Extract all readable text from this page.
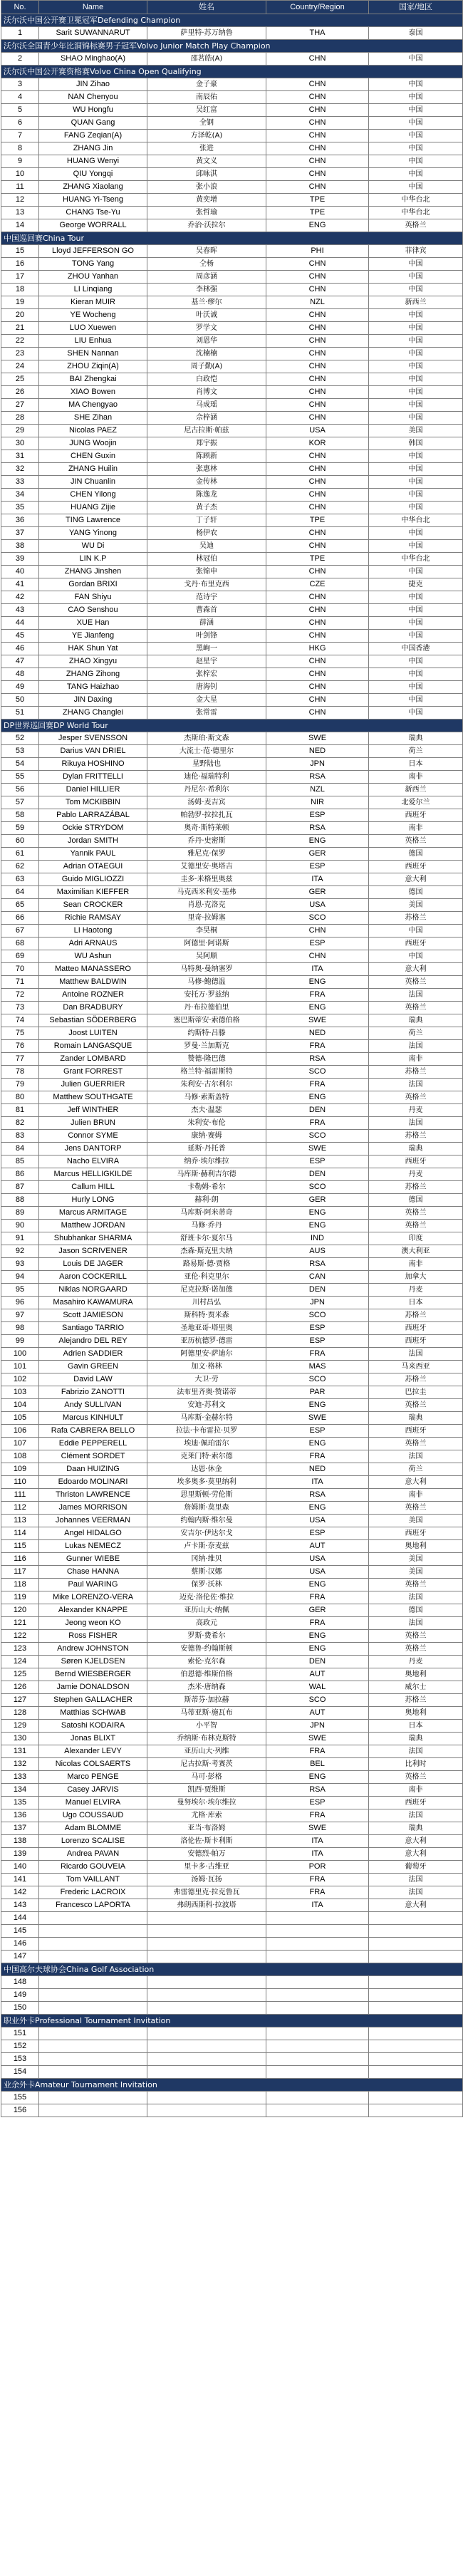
No.	Name	姓名	Country/Region	国家/地区
沃尔沃中国公开赛卫冕冠军Defending Champion				
1	Sarit SUWANNARUT	萨里特·苏万纳鲁	THA	泰国
沃尔沃全国青少年比洞锦标赛男子冠军Volvo Junior Match Play Champion				
2	SHAO Minghao(A)	邵茗皓(A)	CHN	中国
沃尔沃中国公开赛资格赛Volvo China Open Qualifying				
3	JIN Zihao	金子豪	CHN	中国
4	NAN Chenyou	南辰佑	CHN	中国
5	WU Hongfu	吴红富	CHN	中国
6	QUAN Gang	全钢	CHN	中国
7	FANG Zeqian(A)	方泽乾(A)	CHN	中国
8	ZHANG Jin	张进	CHN	中国
9	HUANG Wenyi	黄文义	CHN	中国
10	QIU Yongqi	邱咏淇	CHN	中国
11	ZHANG Xiaolang	张小浪	CHN	中国
12	HUANG Yi-Tseng	黄奕增	TPE	中华台北
13	CHANG Tse-Yu	张哲瑜	TPE	中华台北
14	George WORRALL	乔治·沃拉尔	ENG	英格兰
中国巡回赛China Tour				
15	Lloyd JEFFERSON GO	吴春晖	PHI	菲律宾
16	TONG Yang	仝杨	CHN	中国
17	ZHOU Yanhan	周彦涵	CHN	中国
18	LI Linqiang	李林强	CHN	中国
19	Kieran MUIR	基兰·缪尔	NZL	新西兰
20	YE Wocheng	叶沃诚	CHN	中国
21	LUO Xuewen	罗学文	CHN	中国
22	LIU Enhua	刘恩华	CHN	中国
23	SHEN Nannan	沈楠楠	CHN	中国
24	ZHOU Ziqin(A)	周子勤(A)	CHN	中国
25	BAI Zhengkai	白政恺	CHN	中国
26	XIAO Bowen	肖博文	CHN	中国
27	MA Chengyao	马成瑶	CHN	中国
28	SHE Zihan	佘梓涵	CHN	中国
29	Nicolas PAEZ	尼古拉斯·帕兹	USA	美国
30	JUNG Woojin	郑宇振	KOR	韩国
31	CHEN Guxin	陈顾新	CHN	中国
32	ZHANG Huilin	张惠林	CHN	中国
33	JIN Chuanlin	金传林	CHN	中国
34	CHEN Yilong	陈逸龙	CHN	中国
35	HUANG Zijie	黄子杰	CHN	中国
36	TING Lawrence	丁子轩	TPE	中华台北
37	YANG Yinong	杨伊农	CHN	中国
38	WU Di	吴迪	CHN	中国
39	LIN K.P	林冠伯	TPE	中华台北
40	ZHANG Jinshen	张锦申	CHN	中国
41	Gordan BRIXI	戈丹·布里克西	CZE	捷克
42	FAN Shiyu	范诗宇	CHN	中国
43	CAO Senshou	曹森首	CHN	中国
44	XUE Han	薛涵	CHN	中国
45	YE Jianfeng	叶剑锋	CHN	中国
46	HAK Shun Yat	黑峋一	HKG	中国香港
47	ZHAO Xingyu	赵星宇	CHN	中国
48	ZHANG Zihong	张梓宏	CHN	中国
49	TANG Haizhao	唐海钊	CHN	中国
50	JIN Daxing	金大星	CHN	中国
51	ZHANG Changlei	张常雷	CHN	中国
DP世界巡回赛DP World Tour				
52	Jesper SVENSSON	杰斯珀·斯文森	SWE	瑞典
53	Darius VAN DRIEL	大流士·范·德里尔	NED	荷兰
54	Rikuya HOSHINO	星野陆也	JPN	日本
55	Dylan FRITTELLI	迪伦·福瑞特利	RSA	南非
56	Daniel HILLIER	丹尼尔·希利尔	NZL	新西兰
57	Tom MCKIBBIN	汤姆·麦吉宾	NIR	北爱尔兰
58	Pablo LARRAZÁBAL	帕勃罗·拉拉扎瓦	ESP	西班牙
59	Ockie STRYDOM	奥奇·斯特莱顿	RSA	南非
60	Jordan SMITH	乔丹·史密斯	ENG	英格兰
61	Yannik PAUL	雅尼克·保罗	GER	德国
62	Adrian OTAEGUI	艾德里安·奥塔吉	ESP	西班牙
63	Guido MIGLIOZZI	圭多·米格里奥兹	ITA	意大利
64	Maximilian KIEFFER	马克西米利安·基弗	GER	德国
65	Sean CROCKER	肖恩·克洛克	USA	美国
66	Richie RAMSAY	里奇·拉姆塞	SCO	苏格兰
67	LI Haotong	李昊桐	CHN	中国
68	Adri ARNAUS	阿德里·阿诺斯	ESP	西班牙
69	WU Ashun	吴阿顺	CHN	中国
70	Matteo MANASSERO	马特奥·曼纳塞罗	ITA	意大利
71	Matthew BALDWIN	马修·鲍德温	ENG	英格兰
72	Antoine ROZNER	安托万·罗兹纳	FRA	法国
73	Dan BRADBURY	丹·布拉德伯里	ENG	英格兰
74	Sebastian SÖDERBERG	塞巴斯蒂安·索德伯格	SWE	瑞典
75	Joost LUITEN	约斯特·吕滕	NED	荷兰
76	Romain LANGASQUE	罗曼·兰加斯克	FRA	法国
77	Zander LOMBARD	赞德·隆巴德	RSA	南非
78	Grant FORREST	格兰特·福雷斯特	SCO	苏格兰
79	Julien GUERRIER	朱利安·古尔利尔	FRA	法国
80	Matthew SOUTHGATE	马修·索斯盖特	ENG	英格兰
81	Jeff WINTHER	杰夫·温瑟	DEN	丹麦
82	Julien BRUN	朱利安·布伦	FRA	法国
83	Connor SYME	康纳·赛姆	SCO	苏格兰
84	Jens DANTORP	延斯·丹托普	SWE	瑞典
85	Nacho ELVIRA	纳乔·埃尔维拉	ESP	西班牙
86	Marcus HELLIGKILDE	马库斯·赫利吉尔德	DEN	丹麦
87	Callum HILL	卡勒姆·希尔	SCO	苏格兰
88	Hurly LONG	赫利·朗	GER	德国
89	Marcus ARMITAGE	马库斯·阿米蒂奇	ENG	英格兰
90	Matthew JORDAN	马修·乔丹	ENG	英格兰
91	Shubhankar SHARMA	舒班卡尔·夏尔马	IND	印度
92	Jason SCRIVENER	杰森·斯克里夫纳	AUS	澳大利亚
93	Louis DE JAGER	路易斯·德·贾格	RSA	南非
94	Aaron COCKERILL	亚伦·科克里尔	CAN	加拿大
95	Niklas NORGAARD	尼克拉斯·诺加德	DEN	丹麦
96	Masahiro KAWAMURA	川村昌弘	JPN	日本
97	Scott JAMIESON	斯科特·贾米森	SCO	苏格兰
98	Santiago TARRIO	圣地亚哥·塔里奥	ESP	西班牙
99	Alejandro DEL REY	亚历杭德罗·德雷	ESP	西班牙
100	Adrien SADDIER	阿德里安·萨迪尔	FRA	法国
101	Gavin GREEN	加文·格林	MAS	马来西亚
102	David LAW	大卫·劳	SCO	苏格兰
103	Fabrizio ZANOTTI	法布里齐奥·赞诺蒂	PAR	巴拉圭
104	Andy SULLIVAN	安迪·苏利文	ENG	英格兰
105	Marcus KINHULT	马库斯·金赫尔特	SWE	瑞典
106	Rafa CABRERA BELLO	拉法·卡布雷拉·贝罗	ESP	西班牙
107	Eddie PEPPERELL	埃迪·佩珀雷尔	ENG	英格兰
108	Clément SORDET	克莱门特·索尔德	FRA	法国
109	Daan HUIZING	达恩·休金	NED	荷兰
110	Edoardo MOLINARI	埃多奥多·莫里纳利	ITA	意大利
111	Thriston LAWRENCE	思里斯顿·劳伦斯	RSA	南非
112	James MORRISON	詹姆斯·莫里森	ENG	英格兰
113	Johannes VEERMAN	约翰内斯·维尔曼	USA	美国
114	Angel HIDALGO	安吉尔·伊达尔戈	ESP	西班牙
115	Lukas NEMECZ	卢卡斯·奈麦兹	AUT	奥地利
116	Gunner WIEBE	冈纳·维贝	USA	美国
117	Chase HANNA	蔡斯·汉娜	USA	美国
118	Paul WARING	保罗·沃林	ENG	英格兰
119	Mike LORENZO-VERA	迈克·洛伦佐·维拉	FRA	法国
120	Alexander KNAPPE	亚历山大·纳佩	GER	德国
121	Jeong weon KO	高政元	FRA	法国
122	Ross FISHER	罗斯·费希尔	ENG	英格兰
123	Andrew JOHNSTON	安德鲁·约翰斯顿	ENG	英格兰
124	Søren KJELDSEN	索伦·克尔森	DEN	丹麦
125	Bernd WIESBERGER	伯恩德·维斯伯格	AUT	奥地利
126	Jamie DONALDSON	杰米·唐纳森	WAL	威尔士
127	Stephen GALLACHER	斯蒂芬·加拉赫	SCO	苏格兰
128	Matthias SCHWAB	马蒂亚斯·施瓦布	AUT	奥地利
129	Satoshi KODAIRA	小平智	JPN	日本
130	Jonas BLIXT	乔纳斯·布林克斯特	SWE	瑞典
131	Alexander LEVY	亚历山大·列维	FRA	法国
132	Nicolas COLSAERTS	尼古拉斯·考赛茨	BEL	比利时
133	Marco PENGE	马可·彭格	ENG	英格兰
134	Casey JARVIS	凯西·贾维斯	RSA	南非
135	Manuel ELVIRA	曼努埃尔·埃尔维拉	ESP	西班牙
136	Ugo COUSSAUD	尤格·库索	FRA	法国
137	Adam BLOMME	亚当·布洛姆	SWE	瑞典
138	Lorenzo SCALISE	洛伦佐·斯卡利斯	ITA	意大利
139	Andrea PAVAN	安德烈·帕万	ITA	意大利
140	Ricardo GOUVEIA	里卡多·古维亚	POR	葡萄牙
141	Tom VAILLANT	汤姆·瓦扬	FRA	法国
142	Frederic LACROIX	弗雷德里克·拉克鲁瓦	FRA	法国
143	Francesco LAPORTA	弗朗西斯科·拉波塔	ITA	意大利
144				
145				
146				
147				
中国高尔夫球协会China Golf Association				
148				
149				
150				
职业外卡Professional Tournament Invitation				
151				
152				
153				
154				
业余外卡Amateur Tournament Invitation				
155				
156				
